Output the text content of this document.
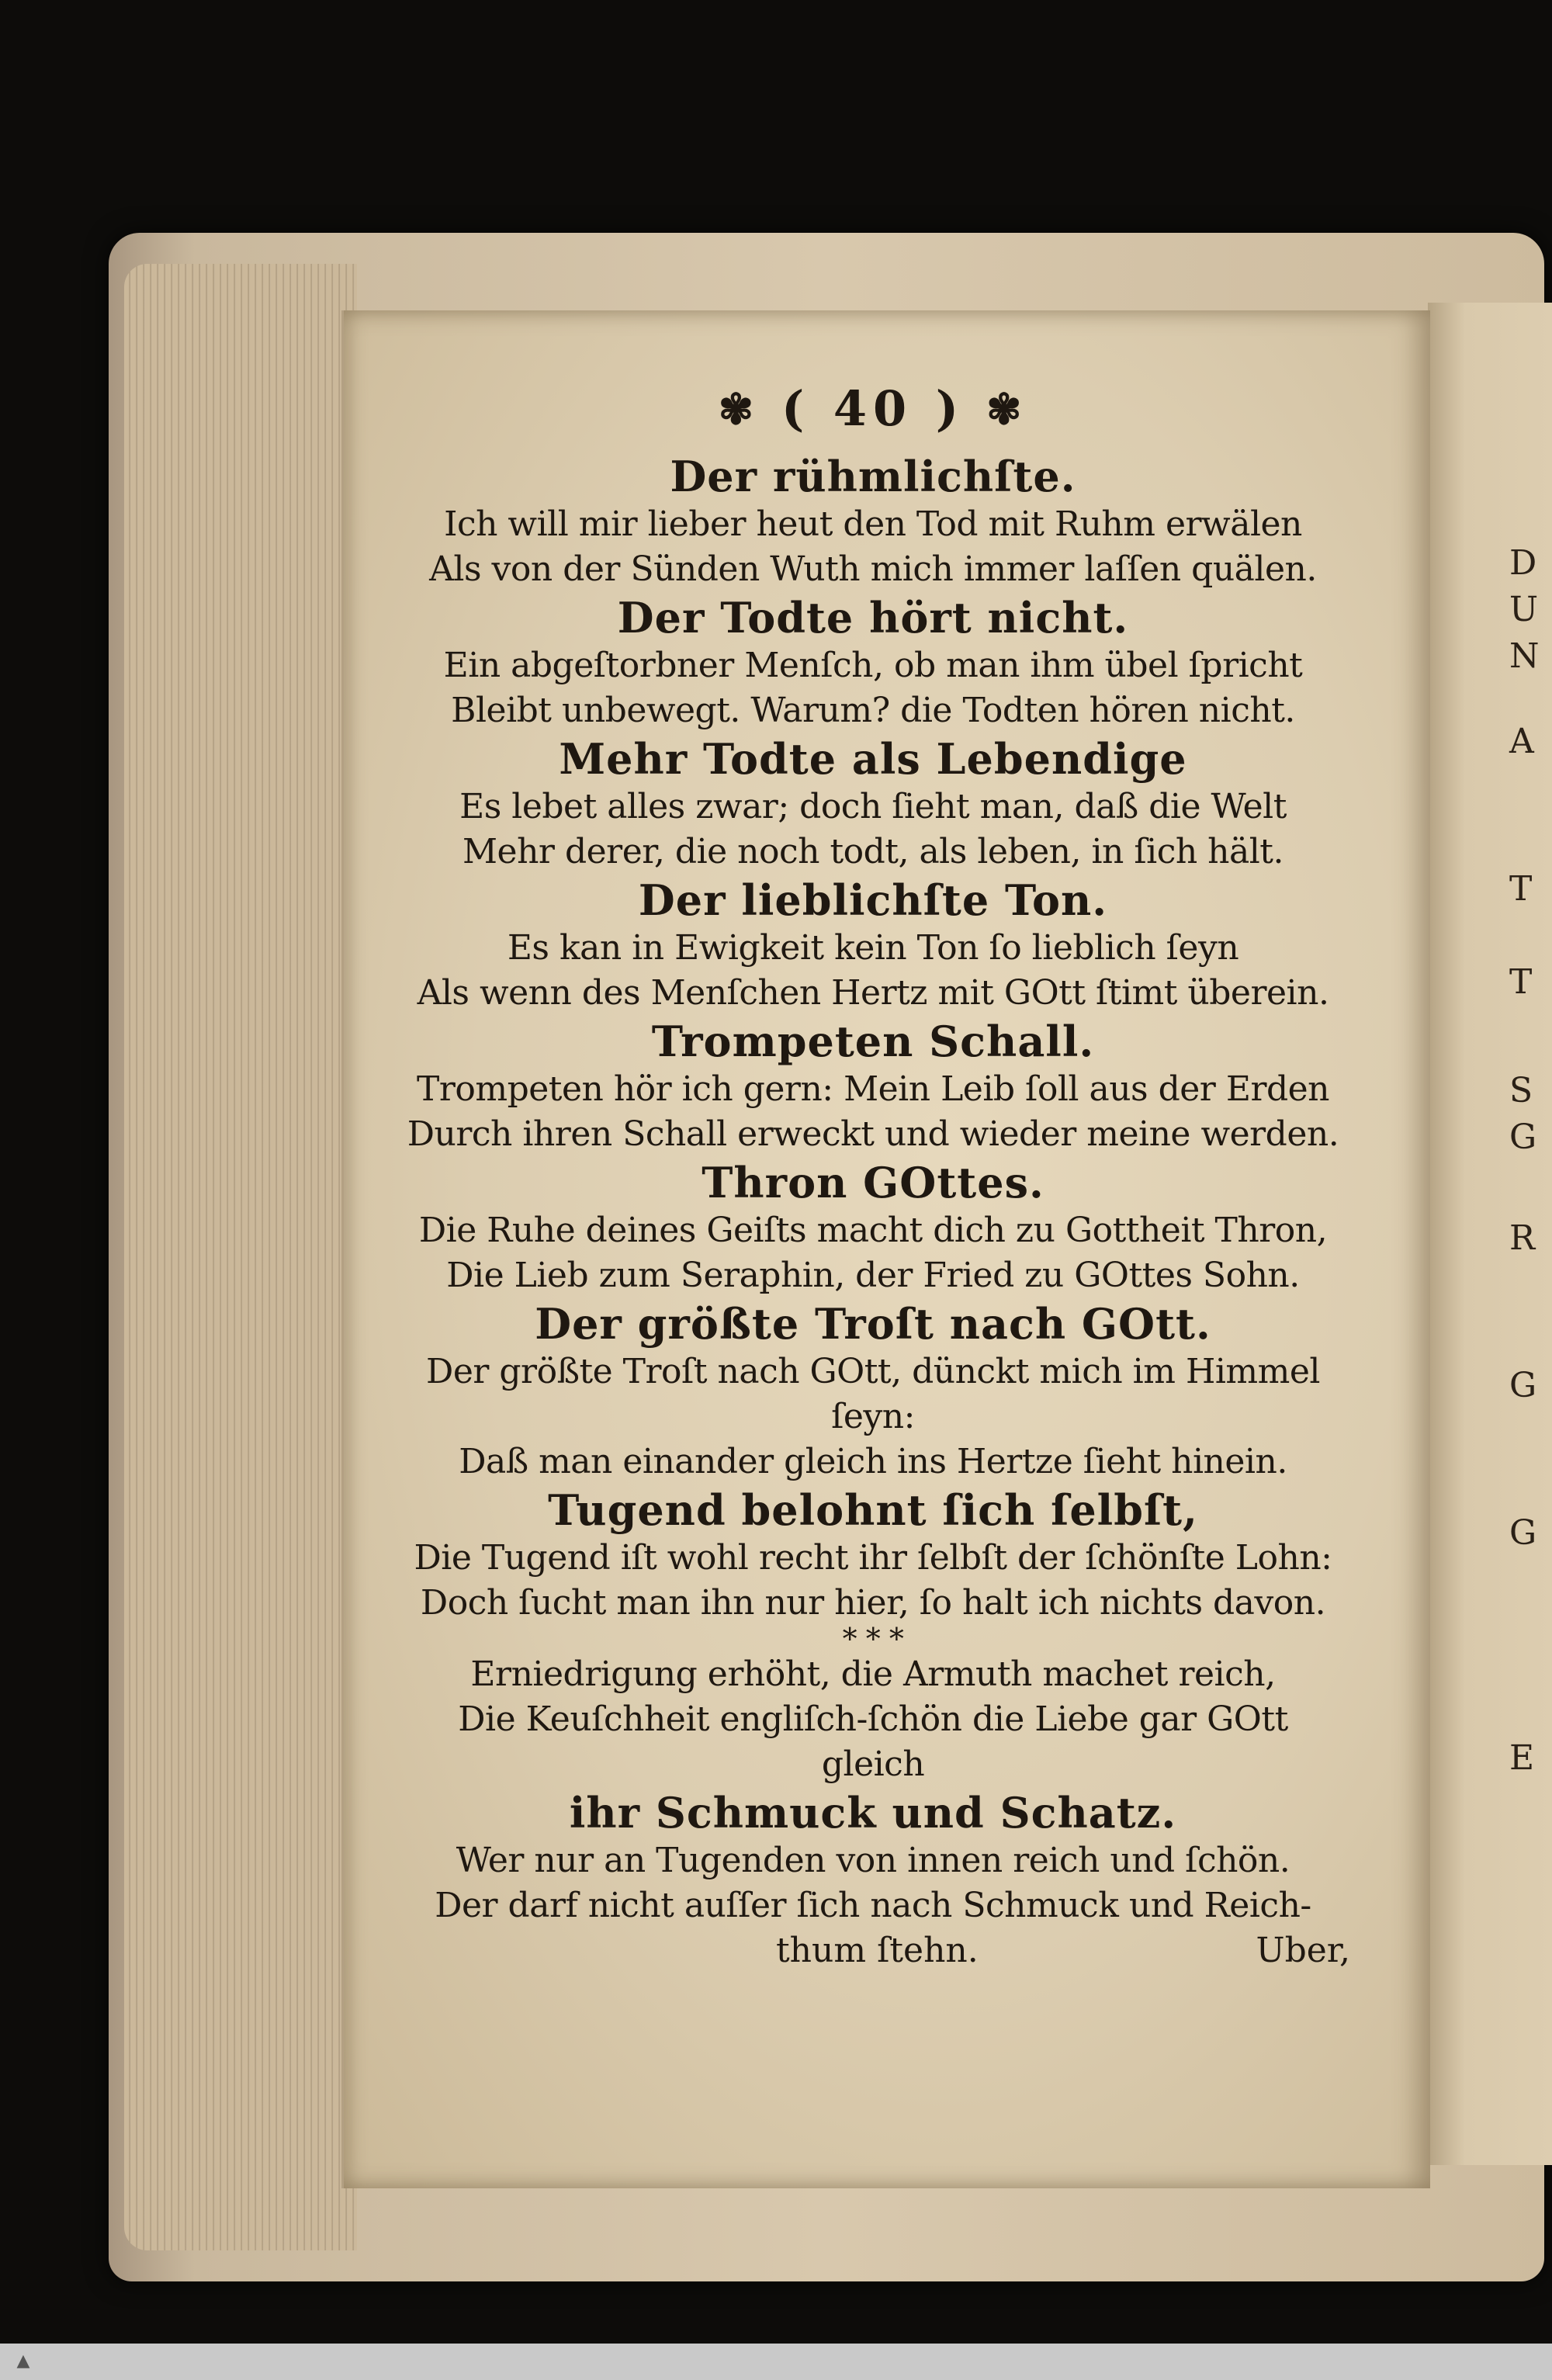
D
U
N
A
T
T
S
G
R
G
G
E
✾ ( 40 ) ✾
Der rühmlichſte.
Ich will mir lieber heut den Tod mit Ruhm erwälen
Als von der Sünden Wuth mich immer laſſen quälen.
Der Todte hört nicht.
Ein abgeſtorbner Menſch, ob man ihm übel ſpricht
Bleibt unbewegt. Warum? die Todten hören nicht.
Mehr Todte als Lebendige
Es lebet alles zwar; doch ſieht man, daß die Welt
Mehr derer, die noch todt, als leben, in ſich hält.
Der lieblichſte Ton.
Es kan in Ewigkeit kein Ton ſo lieblich ſeyn
Als wenn des Menſchen Hertz mit GOtt ſtimt überein.
Trompeten Schall.
Trompeten hör ich gern: Mein Leib ſoll aus der Erden
Durch ihren Schall erweckt und wieder meine werden.
Thron GOttes.
Die Ruhe deines Geiſts macht dich zu Gottheit Thron,
Die Lieb zum Seraphin, der Fried zu GOttes Sohn.
Der größte Troſt nach GOtt.
Der größte Troſt nach GOtt, dünckt mich im Himmel
ſeyn:
Daß man einander gleich ins Hertze ſieht hinein.
Tugend belohnt ſich ſelbſt,
Die Tugend iſt wohl recht ihr ſelbſt der ſchönſte Lohn:
Doch ſucht man ihn nur hier, ſo halt ich nichts davon.
* * *
Erniedrigung erhöht, die Armuth machet reich,
Die Keuſchheit engliſch-ſchön die Liebe gar GOtt
gleich
ihr Schmuck und Schatz.
Wer nur an Tugenden von innen reich und ſchön.
Der darf nicht auſſer ſich nach Schmuck und Reich-
thum ſtehn.	Uber,
▲
